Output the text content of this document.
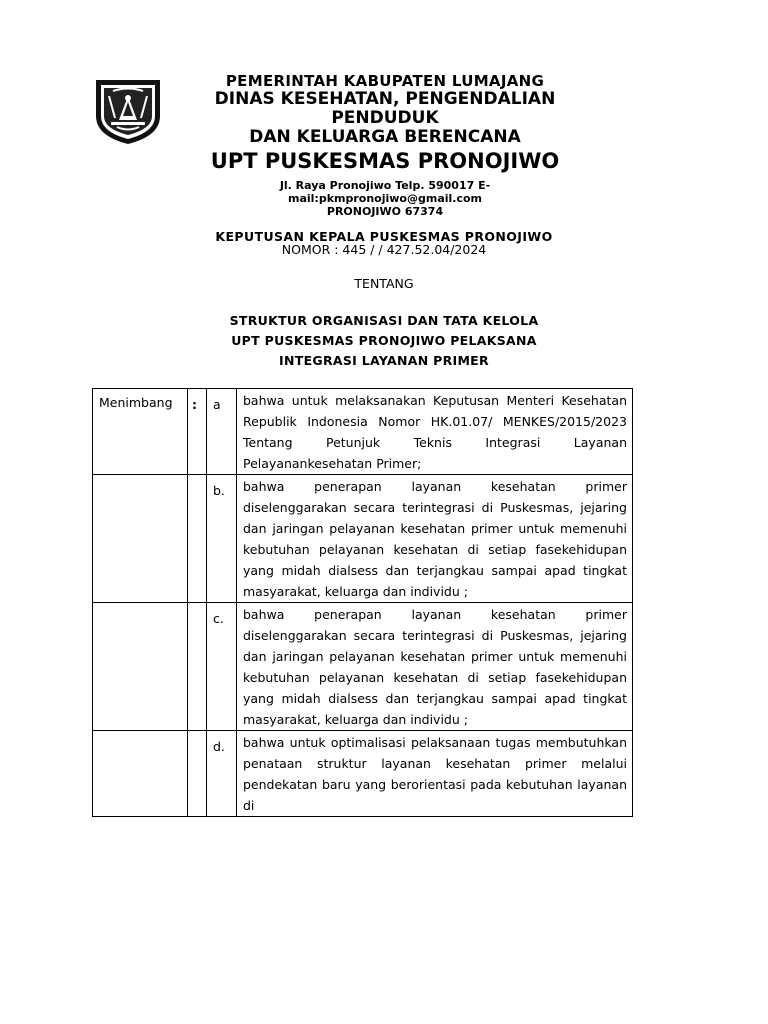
PEMERINTAH KABUPATEN LUMAJANG
DINAS KESEHATAN, PENGENDALIAN
PENDUDUK
DAN KELUARGA BERENCANA
UPT PUSKESMAS PRONOJIWO
Jl. Raya Pronojiwo Telp. 590017 E-
mail:pkmpronojiwo@gmail.com
PRONOJIWO 67374
KEPUTUSAN KEPALA PUSKESMAS PRONOJIWO
NOMOR : 445 / / 427.52.04/2024
TENTANG
STRUKTUR ORGANISASI DAN TATA KELOLA
UPT PUSKESMAS PRONOJIWO PELAKSANA
INTEGRASI LAYANAN PRIMER
Menimbang	:	a	bahwa untuk melaksanakan Keputusan Menteri Kesehatan Republik Indonesia Nomor HK.01.07/ MENKES/2015/2023 Tentang Petunjuk Teknis Integrasi Layanan Pelayanankesehatan Primer;
		b.	bahwa penerapan layanan kesehatan primer diselenggarakan secara terintegrasi di Puskesmas, jejaring dan jaringan pelayanan kesehatan primer untuk memenuhi kebutuhan pelayanan kesehatan di setiap fasekehidupan yang midah dialsess dan terjangkau sampai apad tingkat masyarakat, keluarga dan individu ;
		c.	bahwa penerapan layanan kesehatan primer diselenggarakan secara terintegrasi di Puskesmas, jejaring dan jaringan pelayanan kesehatan primer untuk memenuhi kebutuhan pelayanan kesehatan di setiap fasekehidupan yang midah dialsess dan terjangkau sampai apad tingkat masyarakat, keluarga dan individu ;
		d.	bahwa untuk optimalisasi pelaksanaan tugas membutuhkan penataan struktur layanan kesehatan primer melalui pendekatan baru yang berorientasi pada kebutuhan layanan di
